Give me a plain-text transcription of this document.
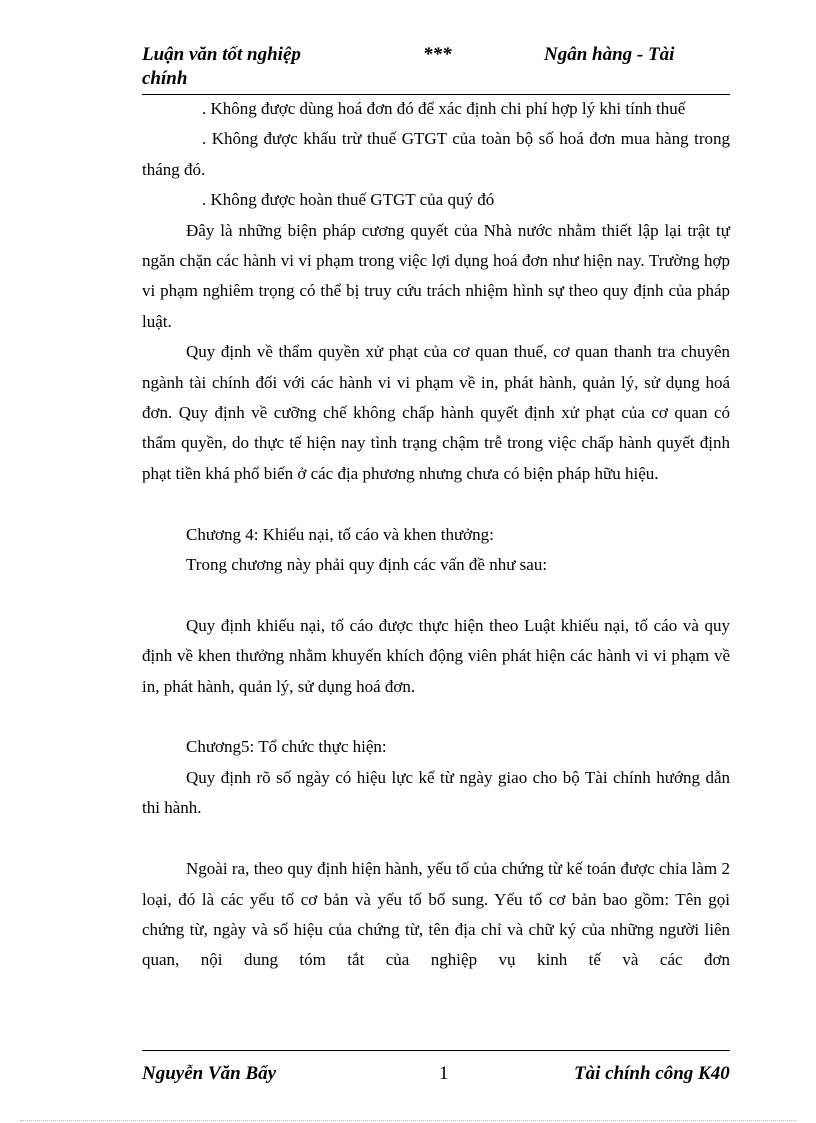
Luận văn tốt nghiệp
chính
***	Ngân hàng - Tài

. Không được dùng hoá đơn đó để xác định chi phí hợp lý khi tính thuế

. Không được khấu trừ thuế GTGT của toàn bộ số hoá đơn mua hàng trong tháng đó.

. Không được hoàn thuế GTGT của quý đó

Đây là những biện pháp cương quyết của Nhà nước nhằm thiết lập lại trật tự ngăn chặn các hành vi vi phạm trong việc lợi dụng hoá đơn như hiện nay. Trường hợp vi phạm nghiêm trọng có thể bị truy cứu trách nhiệm hình sự theo quy định của pháp luật.

Quy định về thẩm quyền xử phạt của cơ quan thuế, cơ quan thanh tra chuyên ngành tài chính đối với các hành vi vi phạm về in, phát hành, quản lý, sử dụng hoá đơn. Quy định về cưỡng chế không chấp hành quyết định xử phạt của cơ quan có thẩm quyền, do thực tế hiện nay tình trạng chậm trễ trong việc chấp hành quyết định phạt tiền khá phổ biến ở các địa phương nhưng chưa có biện pháp hữu hiệu.

Chương 4: Khiếu nại, tố cáo và khen thưởng:

Trong chương này phải quy định các vấn đề như sau:

Quy định khiếu nại, tố cáo được thực hiện theo Luật khiếu nại, tố cáo và quy định về khen thưởng nhằm khuyến khích động viên phát hiện các hành vi vi phạm về in, phát hành, quản lý, sử dụng hoá đơn.

Chương5: Tổ chức thực hiện:

Quy định rõ số ngày có hiệu lực kể từ ngày giao cho bộ Tài chính hướng dẫn thi hành.

Ngoài ra, theo quy định hiện hành, yếu tố của chứng từ kế toán được chia làm 2 loại, đó là các yếu tố cơ bản và yếu tố bổ sung. Yếu tố cơ bản bao gồm: Tên gọi chứng từ, ngày và số hiệu của chứng từ, tên địa chỉ và chữ ký của những người liên quan, nội dung tóm tắt của nghiệp vụ kinh tế và các đơn

Nguyễn Văn Bẩy	1	Tài chính công K40
